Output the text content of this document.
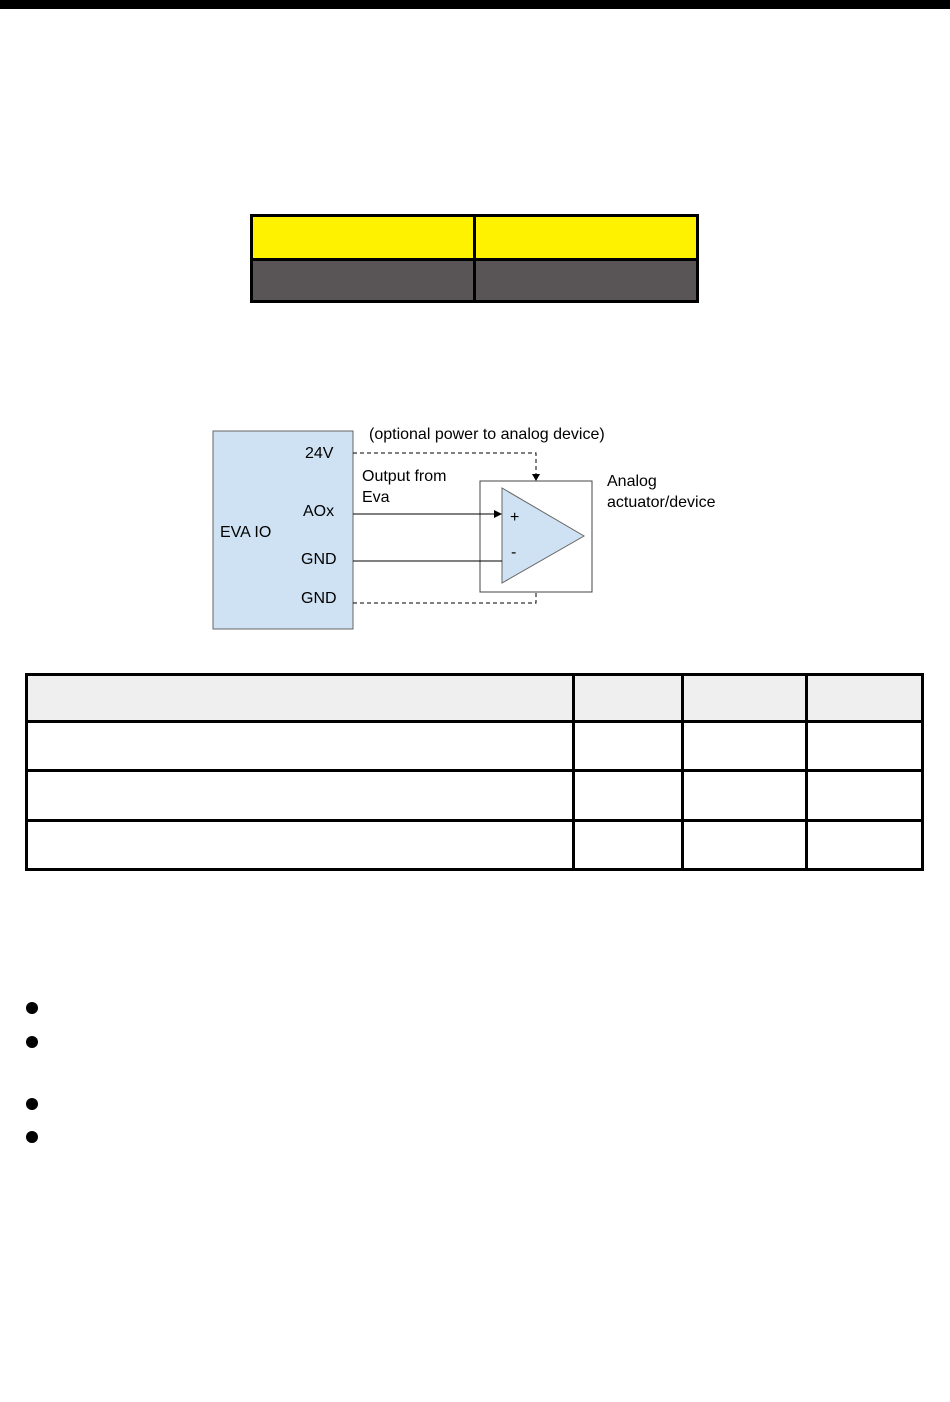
EVA IO
24V
AOx
GND
GND
(optional power to analog device)
Output from
Eva
Analog
actuator/device
+
-
